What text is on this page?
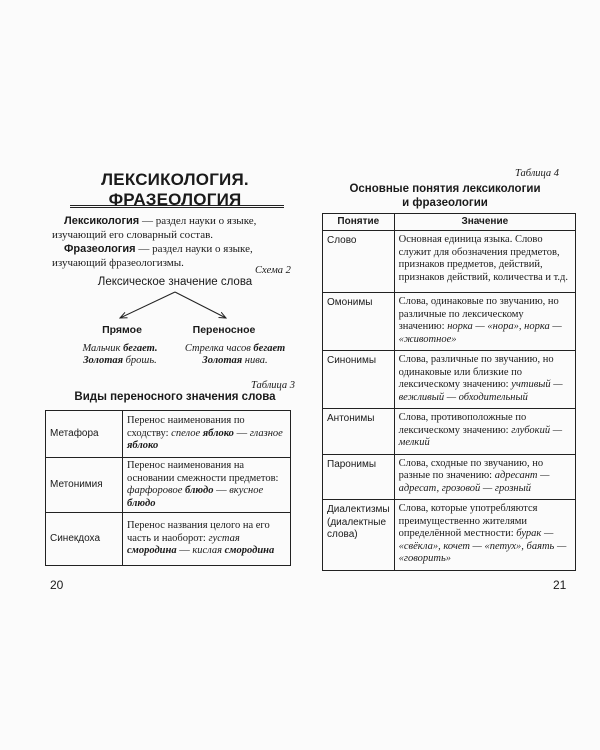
ЛЕКСИКОЛОГИЯ.
ФРАЗЕОЛОГИЯ

Лексикология — раздел науки о языке, изучающий его словарный состав.

Фразеология — раздел науки о языке, изучающий фразеологизмы.

Схема 2
Лексическое значение слова
Прямое	Переносное
Мальчик бегает.
Золотая брошь.
Стрелка часов бегает
Золотая нива.
Таблица 3
Виды переносного значения слова
Метафора	Перенос наименования по сходству: спелое яблоко — глазное яблоко
Метонимия	Перенос наименования на основании смежности предметов: фарфоровое блюдо — вкусное блюдо
Синекдоха	Перенос названия целого на его часть и наоборот: густая смородина — кислая смородина
20
Таблица 4
Основные понятия лексикологии
и фразеологии
Понятие	Значение
Слово	Основная единица языка. Слово служит для обозначения предметов, признаков предметов, действий, признаков действий, количества и т.д.
Омонимы	Слова, одинаковые по звучанию, но различные по лексическому значению: норка — «нора», норка — «животное»
Синонимы	Слова, различные по звучанию, но одинаковые или близкие по лексическому значению: учтивый — вежливый — обходительный
Антонимы	Слова, противоположные по лексическому значению: глубокий — мелкий
Паронимы	Слова, сходные по звучанию, но разные по значению: адресант — адресат, грозовой — грозный
Диалектизмы (диалектные слова)	Слова, которые употребляются преимущественно жителями определённой местности: бурак — «свёкла», кочет — «петух», баять — «говорить»
21
